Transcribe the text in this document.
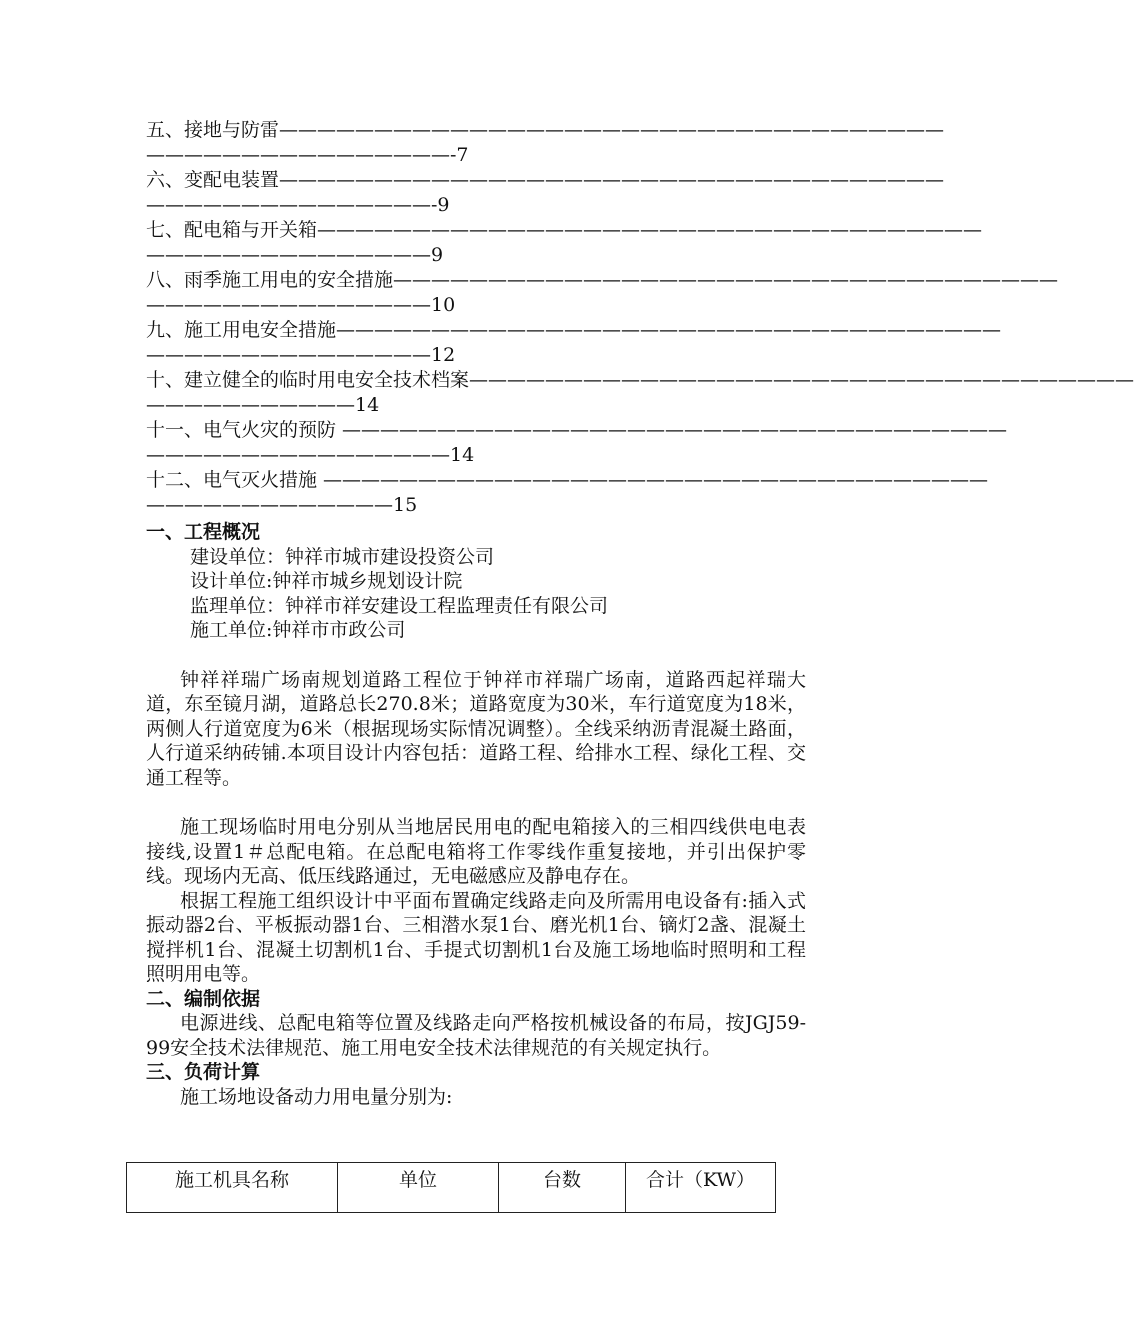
五、接地与防雷———————————————————————————————————
————————————————-7
六、变配电装置———————————————————————————————————
———————————————-9
七、配电箱与开关箱———————————————————————————————————
———————————————9
八、雨季施工用电的安全措施———————————————————————————————————
———————————————10
九、施工用电安全措施———————————————————————————————————
———————————————12
十、建立健全的临时用电安全技术档案———————————————————————————————————
———————————14
十一、电气火灾的预防 ———————————————————————————————————
————————————————14
十二、电气灭火措施 ———————————————————————————————————
—————————————15
一、工程概况
建设单位：钟祥市城市建设投资公司
设计单位:钟祥市城乡规划设计院
监理单位：钟祥市祥安建设工程监理责任有限公司
施工单位:钟祥市市政公司

钟祥祥瑞广场南规划道路工程位于钟祥市祥瑞广场南，道路西起祥瑞大道，东至镜月湖，道路总长270.8米；道路宽度为30米，车行道宽度为18米，两侧人行道宽度为6米（根据现场实际情况调整）。全线采纳沥青混凝土路面，人行道采纳砖铺.本项目设计内容包括：道路工程、给排水工程、绿化工程、交通工程等。

施工现场临时用电分别从当地居民用电的配电箱接入的三相四线供电电表接线,设置1＃总配电箱。在总配电箱将工作零线作重复接地，并引出保护零线。现场内无高、低压线路通过，无电磁感应及静电存在。

根据工程施工组织设计中平面布置确定线路走向及所需用电设备有:插入式振动器2台、平板振动器1台、三相潜水泵1台、磨光机1台、镝灯2盏、混凝土搅拌机1台、混凝土切割机1台、手提式切割机1台及施工场地临时照明和工程照明用电等。

二、编制依据

电源进线、总配电箱等位置及线路走向严格按机械设备的布局，按JGJ59-99安全技术法律规范、施工用电安全技术法律规范的有关规定执行。

三、负荷计算

施工场地设备动力用电量分别为:

施工机具名称	单位	台数	合计（KW）
